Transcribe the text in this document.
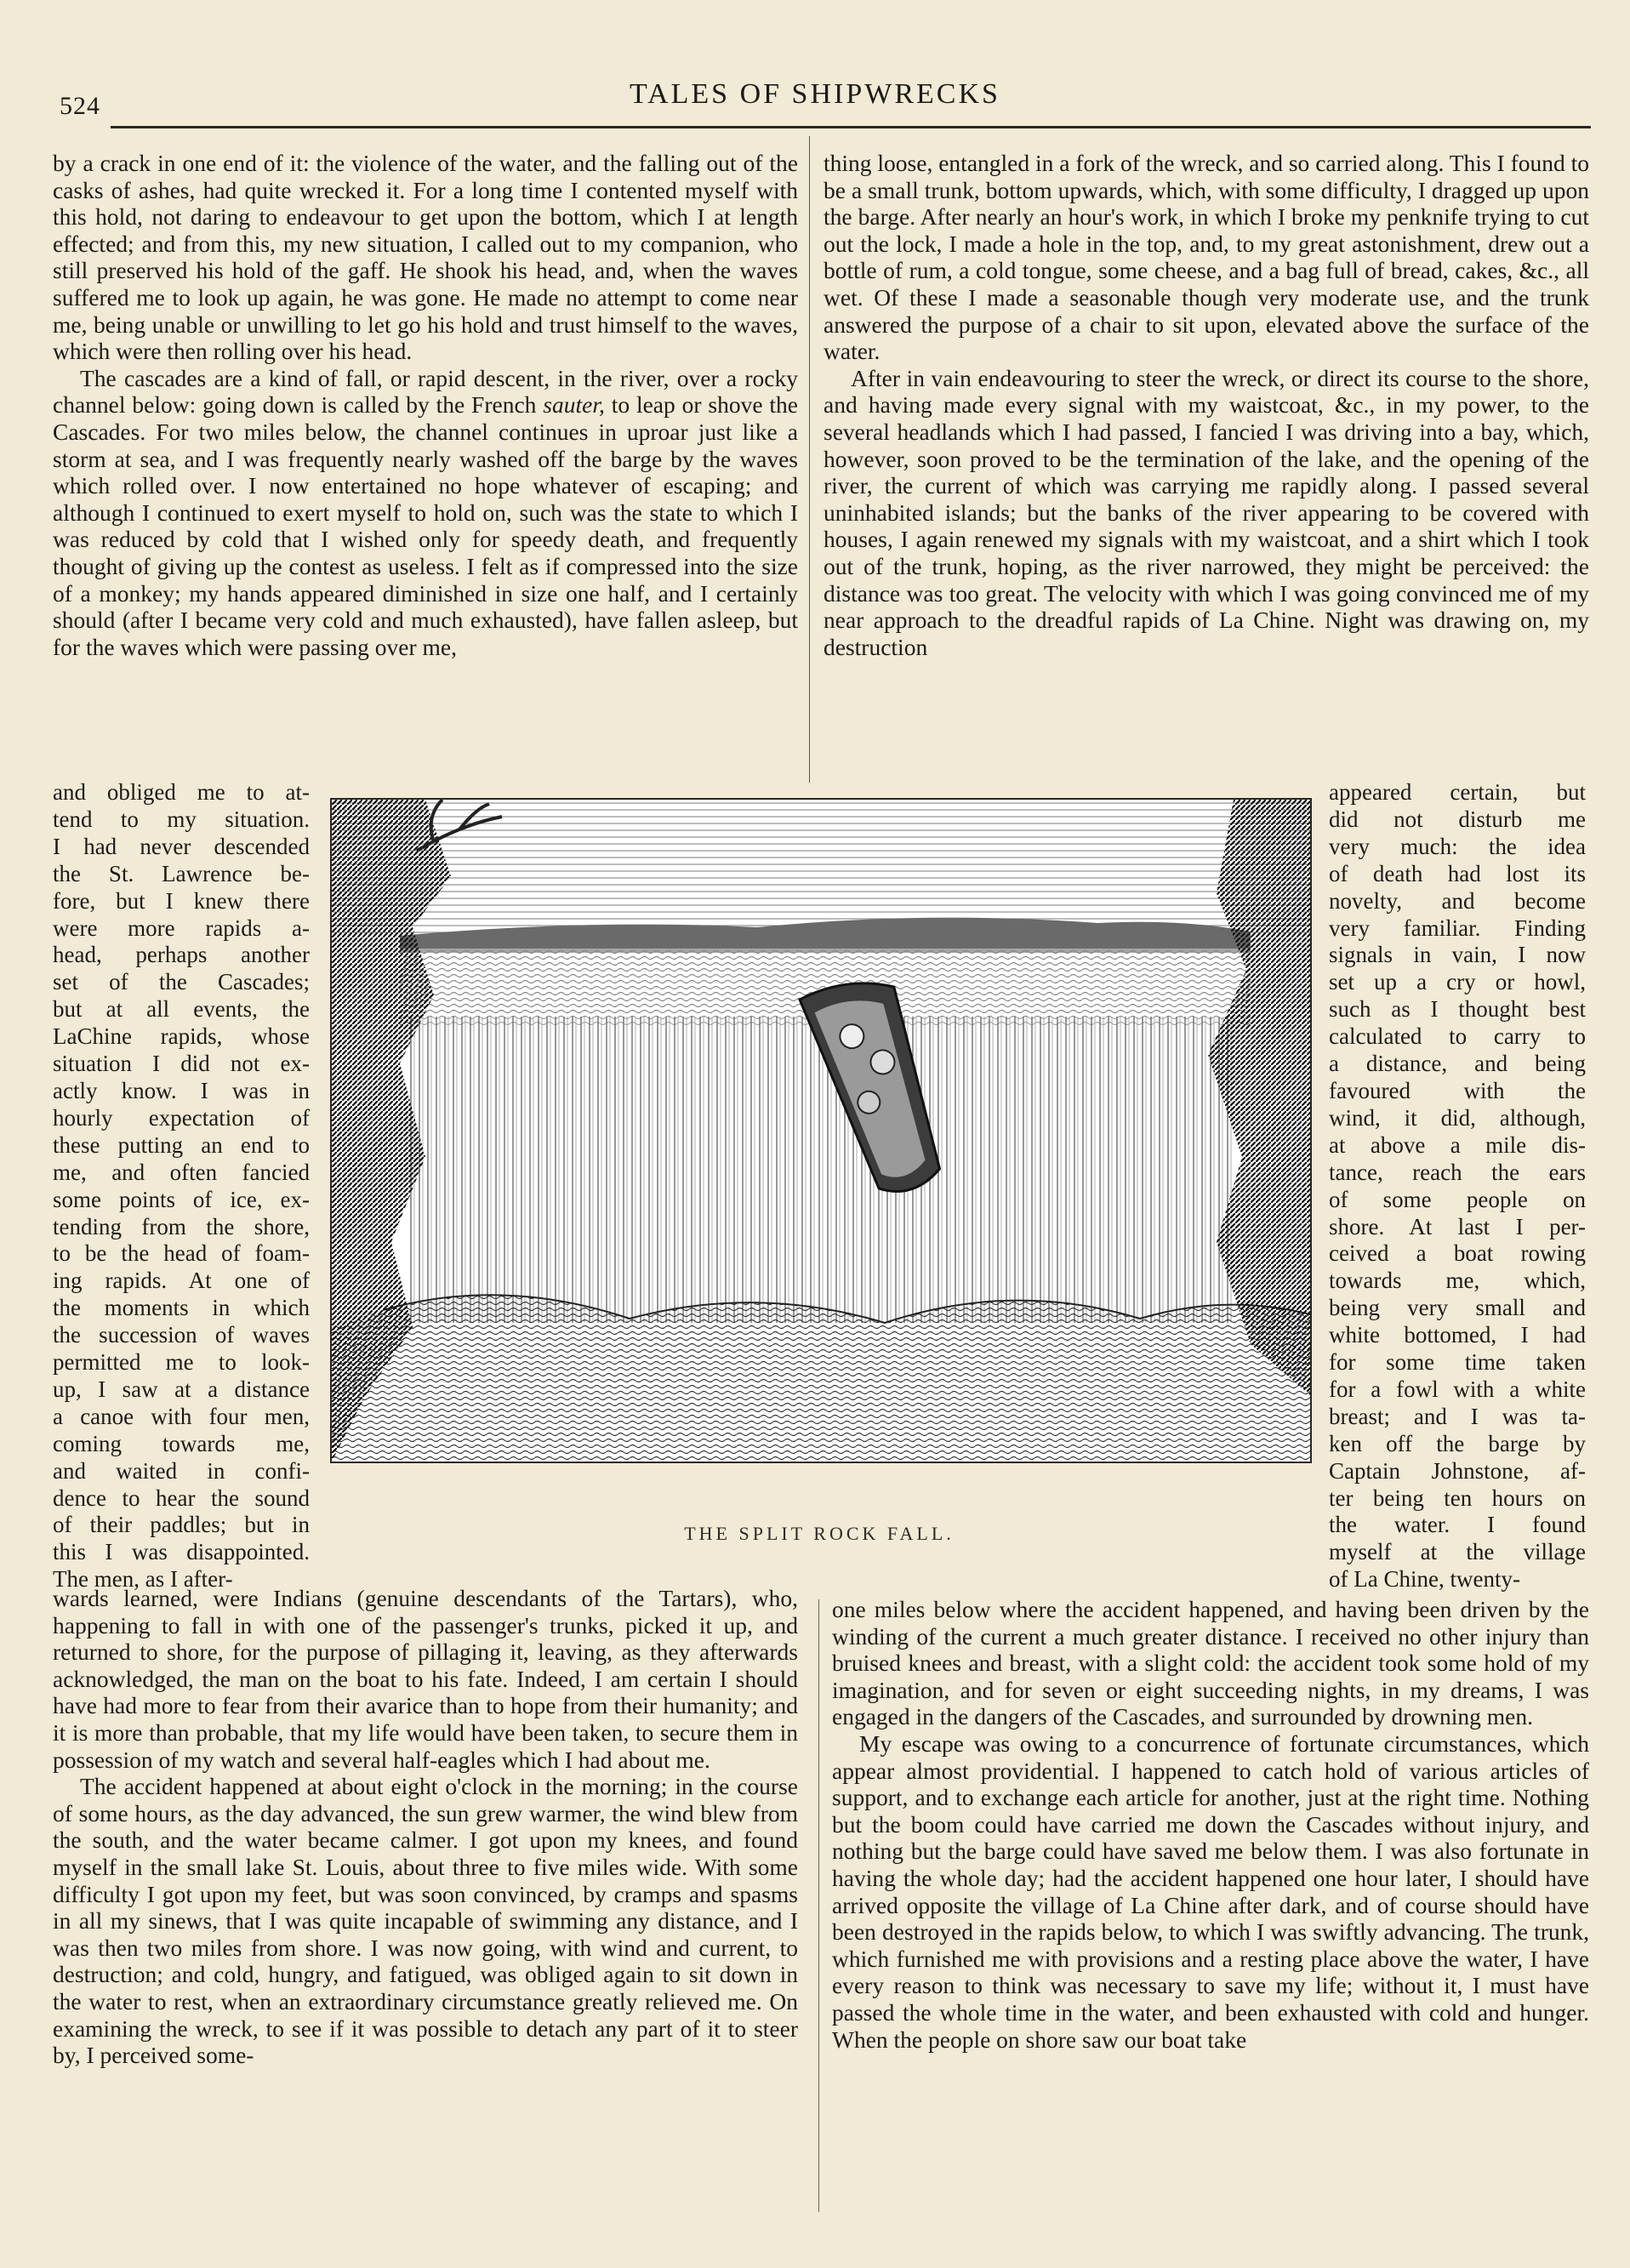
524	TALES OF SHIPWRECKS

by a crack in one end of it: the violence of the water, and the falling out of the casks of ashes, had quite wrecked it. For a long time I contented myself with this hold, not daring to endeavour to get upon the bottom, which I at length effected; and from this, my new situation, I called out to my companion, who still preserved his hold of the gaff. He shook his head, and, when the waves suffered me to look up again, he was gone. He made no attempt to come near me, being unable or unwilling to let go his hold and trust himself to the waves, which were then rolling over his head.

The cascades are a kind of fall, or rapid descent, in the river, over a rocky channel below: going down is called by the French sauter, to leap or shove the Cascades. For two miles below, the channel continues in uproar just like a storm at sea, and I was frequently nearly washed off the barge by the waves which rolled over. I now entertained no hope whatever of escaping; and although I continued to exert myself to hold on, such was the state to which I was reduced by cold that I wished only for speedy death, and frequently thought of giving up the contest as useless. I felt as if compressed into the size of a monkey; my hands appeared diminished in size one half, and I certainly should (after I became very cold and much exhausted), have fallen asleep, but for the waves which were passing over me,

thing loose, entangled in a fork of the wreck, and so carried along. This I found to be a small trunk, bottom upwards, which, with some difficulty, I dragged up upon the barge. After nearly an hour's work, in which I broke my penknife trying to cut out the lock, I made a hole in the top, and, to my great astonishment, drew out a bottle of rum, a cold tongue, some cheese, and a bag full of bread, cakes, &c., all wet. Of these I made a seasonable though very moderate use, and the trunk answered the purpose of a chair to sit upon, elevated above the surface of the water.

After in vain endeavouring to steer the wreck, or direct its course to the shore, and having made every signal with my waistcoat, &c., in my power, to the several headlands which I had passed, I fancied I was driving into a bay, which, however, soon proved to be the termination of the lake, and the opening of the river, the current of which was carrying me rapidly along. I passed several uninhabited islands; but the banks of the river appearing to be covered with houses, I again renewed my signals with my waistcoat, and a shirt which I took out of the trunk, hoping, as the river narrowed, they might be perceived: the distance was too great. The velocity with which I was going convinced me of my near approach to the dreadful rapids of La Chine. Night was drawing on, my destruction

and obliged me to at-
tend to my situation.
I had never descended
the St. Lawrence be-
fore, but I knew there
were more rapids a-
head, perhaps another
set of the Cascades;
but at all events, the
LaChine rapids, whose
situation I did not ex-
actly know. I was in
hourly expectation of
these putting an end to
me, and often fancied
some points of ice, ex-
tending from the shore,
to be the head of foam-
ing rapids. At one of
the moments in which
the succession of waves
permitted me to look-
up, I saw at a distance
a canoe with four men,
coming towards me,
and waited in confi-
dence to hear the sound
of their paddles; but in
this I was disappointed.
The men, as I after-
appeared certain, but
did not disturb me
very much: the idea
of death had lost its
novelty, and become
very familiar. Finding
signals in vain, I now
set up a cry or howl,
such as I thought best
calculated to carry to
a distance, and being
favoured with the
wind, it did, although,
at above a mile dis-
tance, reach the ears
of some people on
shore. At last I per-
ceived a boat rowing
towards me, which,
being very small and
white bottomed, I had
for some time taken
for a fowl with a white
breast; and I was ta-
ken off the barge by
Captain Johnstone, af-
ter being ten hours on
the water. I found
myself at the village
of La Chine, twenty-
THE SPLIT ROCK FALL.

wards learned, were Indians (genuine descendants of the Tartars), who, happening to fall in with one of the passenger's trunks, picked it up, and returned to shore, for the purpose of pillaging it, leaving, as they afterwards acknowledged, the man on the boat to his fate. Indeed, I am certain I should have had more to fear from their avarice than to hope from their humanity; and it is more than probable, that my life would have been taken, to secure them in possession of my watch and several half-eagles which I had about me.

The accident happened at about eight o'clock in the morning; in the course of some hours, as the day advanced, the sun grew warmer, the wind blew from the south, and the water became calmer. I got upon my knees, and found myself in the small lake St. Louis, about three to five miles wide. With some difficulty I got upon my feet, but was soon convinced, by cramps and spasms in all my sinews, that I was quite incapable of swimming any distance, and I was then two miles from shore. I was now going, with wind and current, to destruction; and cold, hungry, and fatigued, was obliged again to sit down in the water to rest, when an extraordinary circumstance greatly relieved me. On examining the wreck, to see if it was possible to detach any part of it to steer by, I perceived some-

one miles below where the accident happened, and having been driven by the winding of the current a much greater distance. I received no other injury than bruised knees and breast, with a slight cold: the accident took some hold of my imagination, and for seven or eight succeeding nights, in my dreams, I was engaged in the dangers of the Cascades, and surrounded by drowning men.

My escape was owing to a concurrence of fortunate circumstances, which appear almost providential. I happened to catch hold of various articles of support, and to exchange each article for another, just at the right time. Nothing but the boom could have carried me down the Cascades without injury, and nothing but the barge could have saved me below them. I was also fortunate in having the whole day; had the accident happened one hour later, I should have arrived opposite the village of La Chine after dark, and of course should have been destroyed in the rapids below, to which I was swiftly advancing. The trunk, which furnished me with provisions and a resting place above the water, I have every reason to think was necessary to save my life; without it, I must have passed the whole time in the water, and been exhausted with cold and hunger. When the people on shore saw our boat take
